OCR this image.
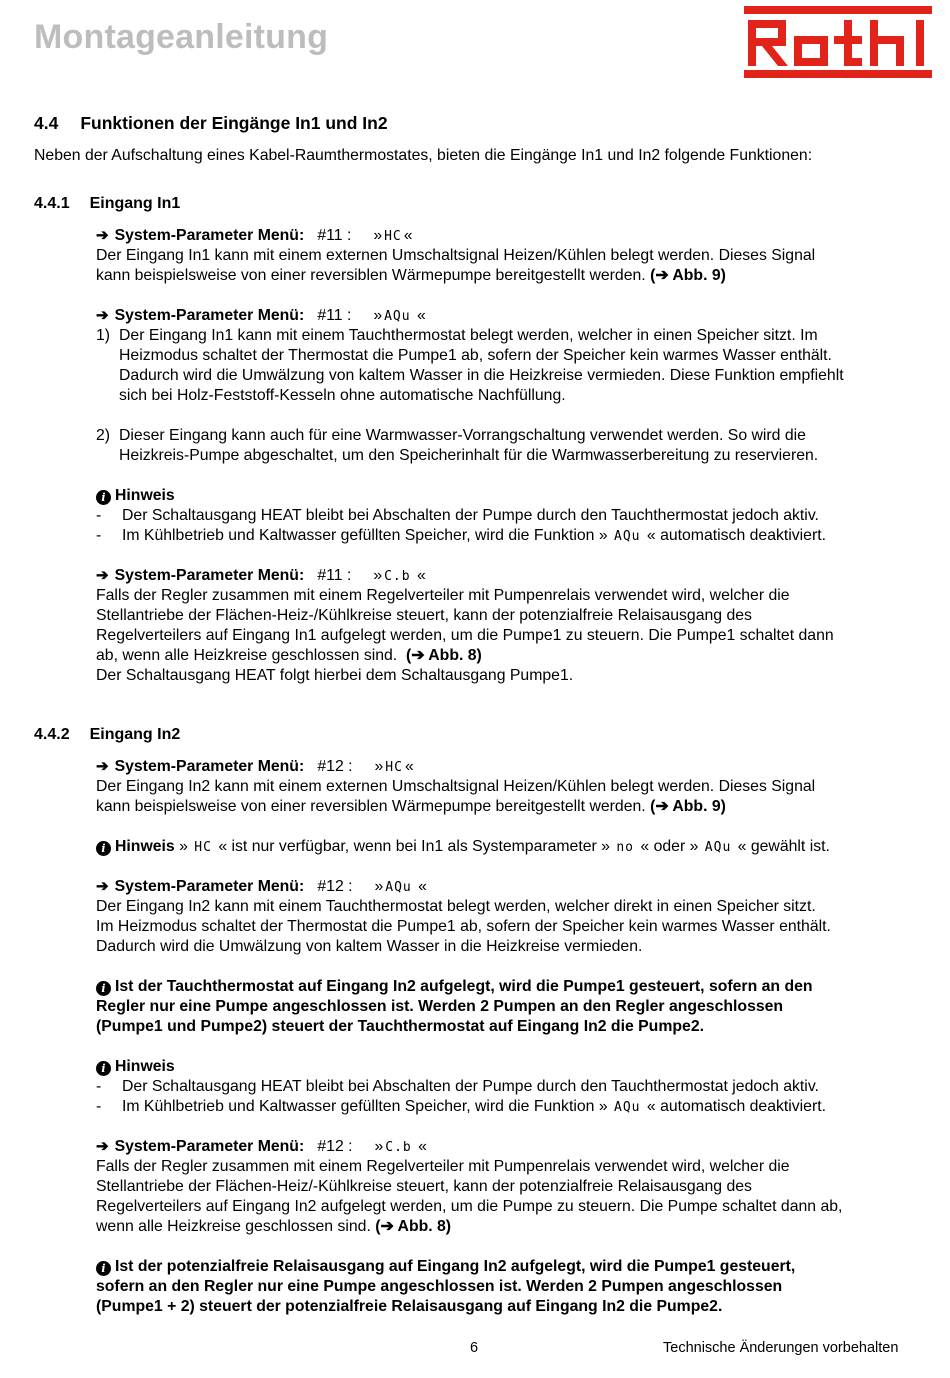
Montageanleitung
4.4 Funktionen der Eingänge In1 und In2
Neben der Aufschaltung eines Kabel-Raumthermostates, bieten die Eingänge In1 und In2 folgende Funktionen:
4.4.1 Eingang In1
➔ System-Parameter Menü: #11 : » HC «
Der Eingang In1 kann mit einem externen Umschaltsignal Heizen/Kühlen belegt werden. Dieses Signal
kann beispielsweise von einer reversiblen Wärmepumpe bereitgestellt werden. (➔ Abb. 9)
➔ System-Parameter Menü: #11 : » AQu «
1) Der Eingang In1 kann mit einem Tauchthermostat belegt werden, welcher in einen Speicher sitzt. Im
Heizmodus schaltet der Thermostat die Pumpe1 ab, sofern der Speicher kein warmes Wasser enthält.
Dadurch wird die Umwälzung von kaltem Wasser in die Heizkreise vermieden. Diese Funktion empfiehlt
sich bei Holz-Feststoff-Kesseln ohne automatische Nachfüllung.
2) Dieser Eingang kann auch für eine Warmwasser-Vorrangschaltung verwendet werden. So wird die
Heizkreis-Pumpe abgeschaltet, um den Speicherinhalt für die Warmwasserbereitung zu reservieren.
i Hinweis
- Der Schaltausgang HEAT bleibt bei Abschalten der Pumpe durch den Tauchthermostat jedoch aktiv.
- Im Kühlbetrieb und Kaltwasser gefüllten Speicher, wird die Funktion » AQu « automatisch deaktiviert.
➔ System-Parameter Menü: #11 : » C.b «
Falls der Regler zusammen mit einem Regelverteiler mit Pumpenrelais verwendet wird, welcher die
Stellantriebe der Flächen-Heiz-/Kühlkreise steuert, kann der potenzialfreie Relaisausgang des
Regelverteilers auf Eingang In1 aufgelegt werden, um die Pumpe1 zu steuern. Die Pumpe1 schaltet dann
ab, wenn alle Heizkreise geschlossen sind. (➔ Abb. 8)
Der Schaltausgang HEAT folgt hierbei dem Schaltausgang Pumpe1.
4.4.2 Eingang In2
➔ System-Parameter Menü: #12 : » HC «
Der Eingang In2 kann mit einem externen Umschaltsignal Heizen/Kühlen belegt werden. Dieses Signal
kann beispielsweise von einer reversiblen Wärmepumpe bereitgestellt werden. (➔ Abb. 9)
i Hinweis » HC « ist nur verfügbar, wenn bei In1 als Systemparameter » no « oder » AQu « gewählt ist.
➔ System-Parameter Menü: #12 : » AQu «
Der Eingang In2 kann mit einem Tauchthermostat belegt werden, welcher direkt in einen Speicher sitzt.
Im Heizmodus schaltet der Thermostat die Pumpe1 ab, sofern der Speicher kein warmes Wasser enthält.
Dadurch wird die Umwälzung von kaltem Wasser in die Heizkreise vermieden.
i Ist der Tauchthermostat auf Eingang In2 aufgelegt, wird die Pumpe1 gesteuert, sofern an den
Regler nur eine Pumpe angeschlossen ist. Werden 2 Pumpen an den Regler angeschlossen
(Pumpe1 und Pumpe2) steuert der Tauchthermostat auf Eingang In2 die Pumpe2.
i Hinweis
- Der Schaltausgang HEAT bleibt bei Abschalten der Pumpe durch den Tauchthermostat jedoch aktiv.
- Im Kühlbetrieb und Kaltwasser gefüllten Speicher, wird die Funktion » AQu « automatisch deaktiviert.
➔ System-Parameter Menü: #12 : » C.b «
Falls der Regler zusammen mit einem Regelverteiler mit Pumpenrelais verwendet wird, welcher die
Stellantriebe der Flächen-Heiz/-Kühlkreise steuert, kann der potenzialfreie Relaisausgang des
Regelverteilers auf Eingang In2 aufgelegt werden, um die Pumpe zu steuern. Die Pumpe schaltet dann ab,
wenn alle Heizkreise geschlossen sind. (➔ Abb. 8)
i Ist der potenzialfreie Relaisausgang auf Eingang In2 aufgelegt, wird die Pumpe1 gesteuert,
sofern an den Regler nur eine Pumpe angeschlossen ist. Werden 2 Pumpen angeschlossen
(Pumpe1 + 2) steuert der potenzialfreie Relaisausgang auf Eingang In2 die Pumpe2.
6	Technische Änderungen vorbehalten
